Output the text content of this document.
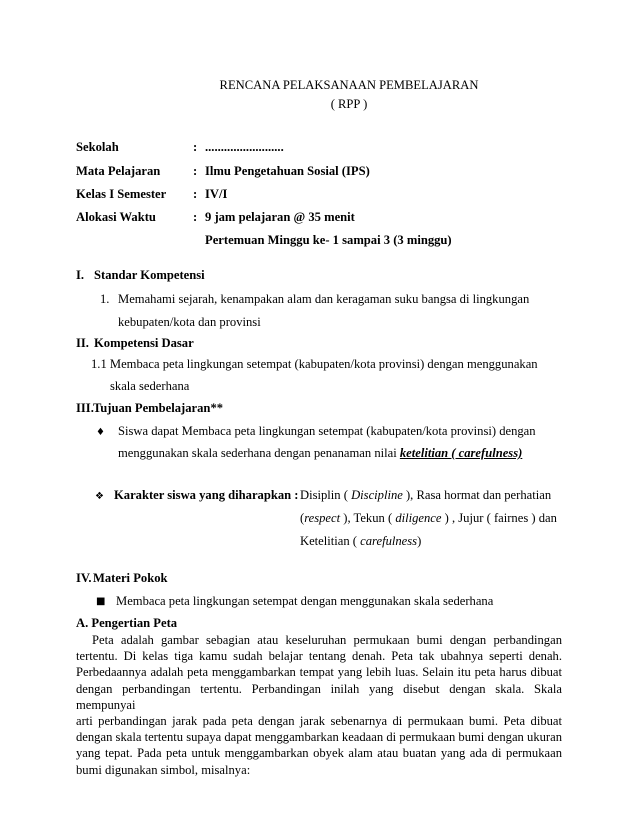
RENCANA PELAKSANAAN PEMBELAJARAN
( RPP )
Sekolah	: .........................
Mata Pelajaran	: Ilmu Pengetahuan Sosial (IPS)
Kelas I Semester : IV/I
Alokasi Waktu	: 9 jam pelajaran @ 35 menit
Pertemuan Minggu ke- 1 sampai 3 (3 minggu)
I. Standar Kompetensi
1. Memahami sejarah, kenampakan alam dan keragaman suku bangsa di lingkungan
kebupaten/kota dan provinsi
II. Kompetensi Dasar
1.1 Membaca peta lingkungan setempat (kabupaten/kota provinsi) dengan menggunakan
skala sederhana
III. Tujuan Pembelajaran**
♦ Siswa dapat Membaca peta lingkungan setempat (kabupaten/kota provinsi) dengan
menggunakan skala sederhana dengan penanaman nilai ketelitian ( carefulness)
❖ Karakter siswa yang diharapkan : Disiplin ( Discipline ), Rasa hormat dan perhatian
(respect ), Tekun ( diligence ) , Jujur ( fairnes ) dan
Ketelitian ( carefulness)
IV. Materi Pokok
■ Membaca peta lingkungan setempat dengan menggunakan skala sederhana
A. Pengertian Peta
Peta adalah gambar sebagian atau keseluruhan permukaan bumi dengan perbandingan
tertentu. Di kelas tiga kamu sudah belajar tentang denah. Peta tak ubahnya seperti denah.
Perbedaannya adalah peta menggambarkan tempat yang lebih luas. Selain itu peta harus dibuat
dengan perbandingan tertentu. Perbandingan inilah yang disebut dengan skala. Skala mempunyai
arti perbandingan jarak pada peta dengan jarak sebenarnya di permukaan bumi. Peta dibuat
dengan skala tertentu supaya dapat menggambarkan keadaan di permukaan bumi dengan ukuran
yang tepat. Pada peta untuk menggambarkan obyek alam atau buatan yang ada di permukaan
bumi digunakan simbol, misalnya:
